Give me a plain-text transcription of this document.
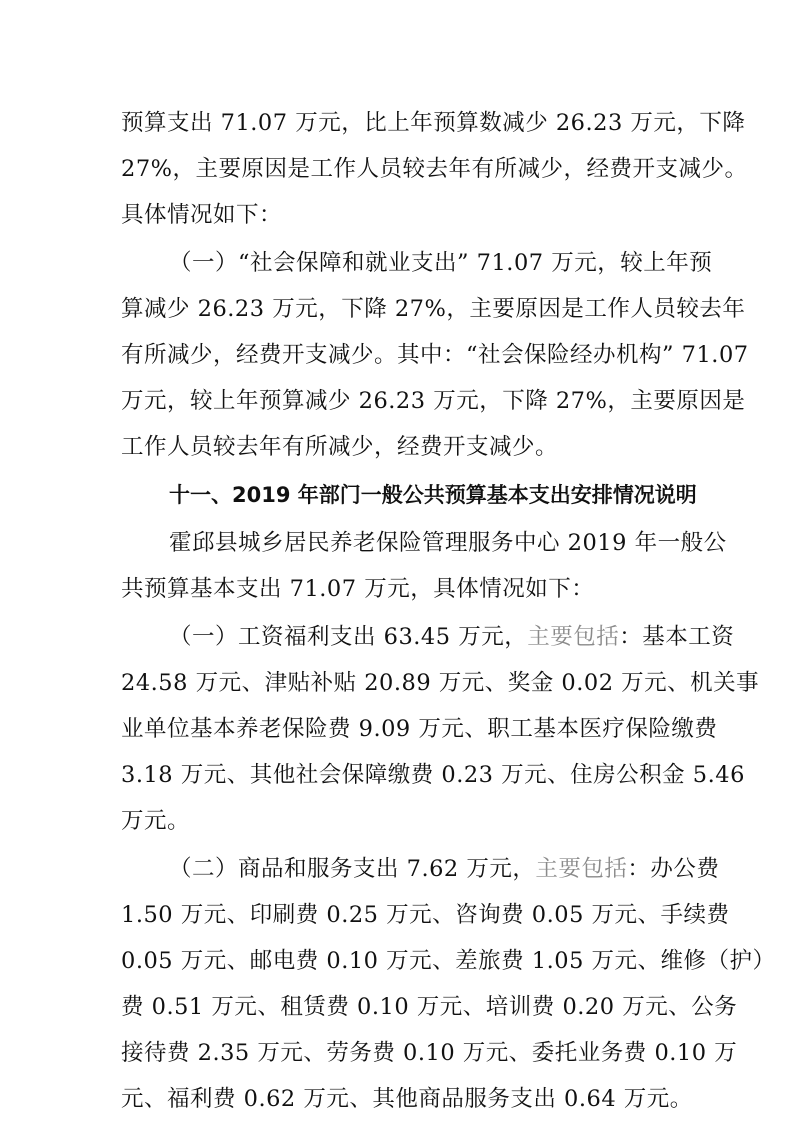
预算支出 71.07 万元，比上年预算数减少 26.23 万元，下降
27%，主要原因是工作人员较去年有所减少，经费开支减少。
具体情况如下：
（一）“社会保障和就业支出” 71.07 万元，较上年预
算减少 26.23 万元，下降 27%，主要原因是工作人员较去年
有所减少，经费开支减少。其中：“社会保险经办机构” 71.07
万元，较上年预算减少 26.23 万元，下降 27%，主要原因是
工作人员较去年有所减少，经费开支减少。
十一、2019 年部门一般公共预算基本支出安排情况说明
霍邱县城乡居民养老保险管理服务中心 2019 年一般公
共预算基本支出 71.07 万元，具体情况如下：
（一）工资福利支出 63.45 万元，主要包括：基本工资
24.58 万元、津贴补贴 20.89 万元、奖金 0.02 万元、机关事
业单位基本养老保险费 9.09 万元、职工基本医疗保险缴费
3.18 万元、其他社会保障缴费 0.23 万元、住房公积金 5.46
万元。
（二）商品和服务支出 7.62 万元，主要包括：办公费
1.50 万元、印刷费 0.25 万元、咨询费 0.05 万元、手续费
0.05 万元、邮电费 0.10 万元、差旅费 1.05 万元、维修（护）
费 0.51 万元、租赁费 0.10 万元、培训费 0.20 万元、公务
接待费 2.35 万元、劳务费 0.10 万元、委托业务费 0.10 万
元、福利费 0.62 万元、其他商品服务支出 0.64 万元。
